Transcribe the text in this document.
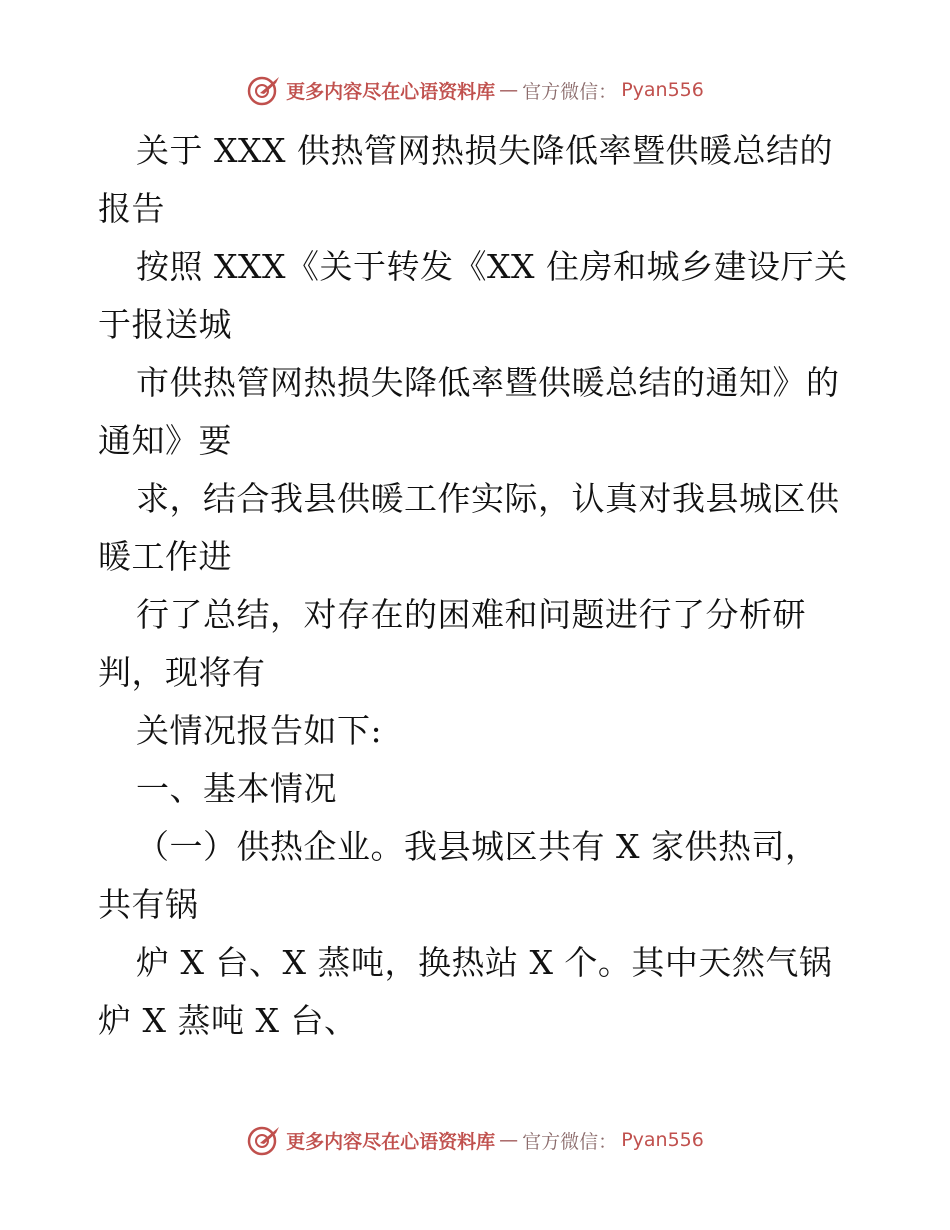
更多内容尽在心语资料库 — 官方微信： Pyan556

关于 XXX 供热管网热损失降低率暨供暖总结的

报告

按照 XXX《关于转发《XX 住房和城乡建设厅关

于报送城

市供热管网热损失降低率暨供暖总结的通知》的

通知》要

求，结合我县供暖工作实际，认真对我县城区供

暖工作进

行了总结，对存在的困难和问题进行了分析研

判，现将有

关情况报告如下:

一、基本情况

（一）供热企业。我县城区共有 X 家供热司，

共有锅

炉 X 台、X 蒸吨，换热站 X 个。其中天然气锅

炉 X 蒸吨 X 台、

更多内容尽在心语资料库 — 官方微信： Pyan556
